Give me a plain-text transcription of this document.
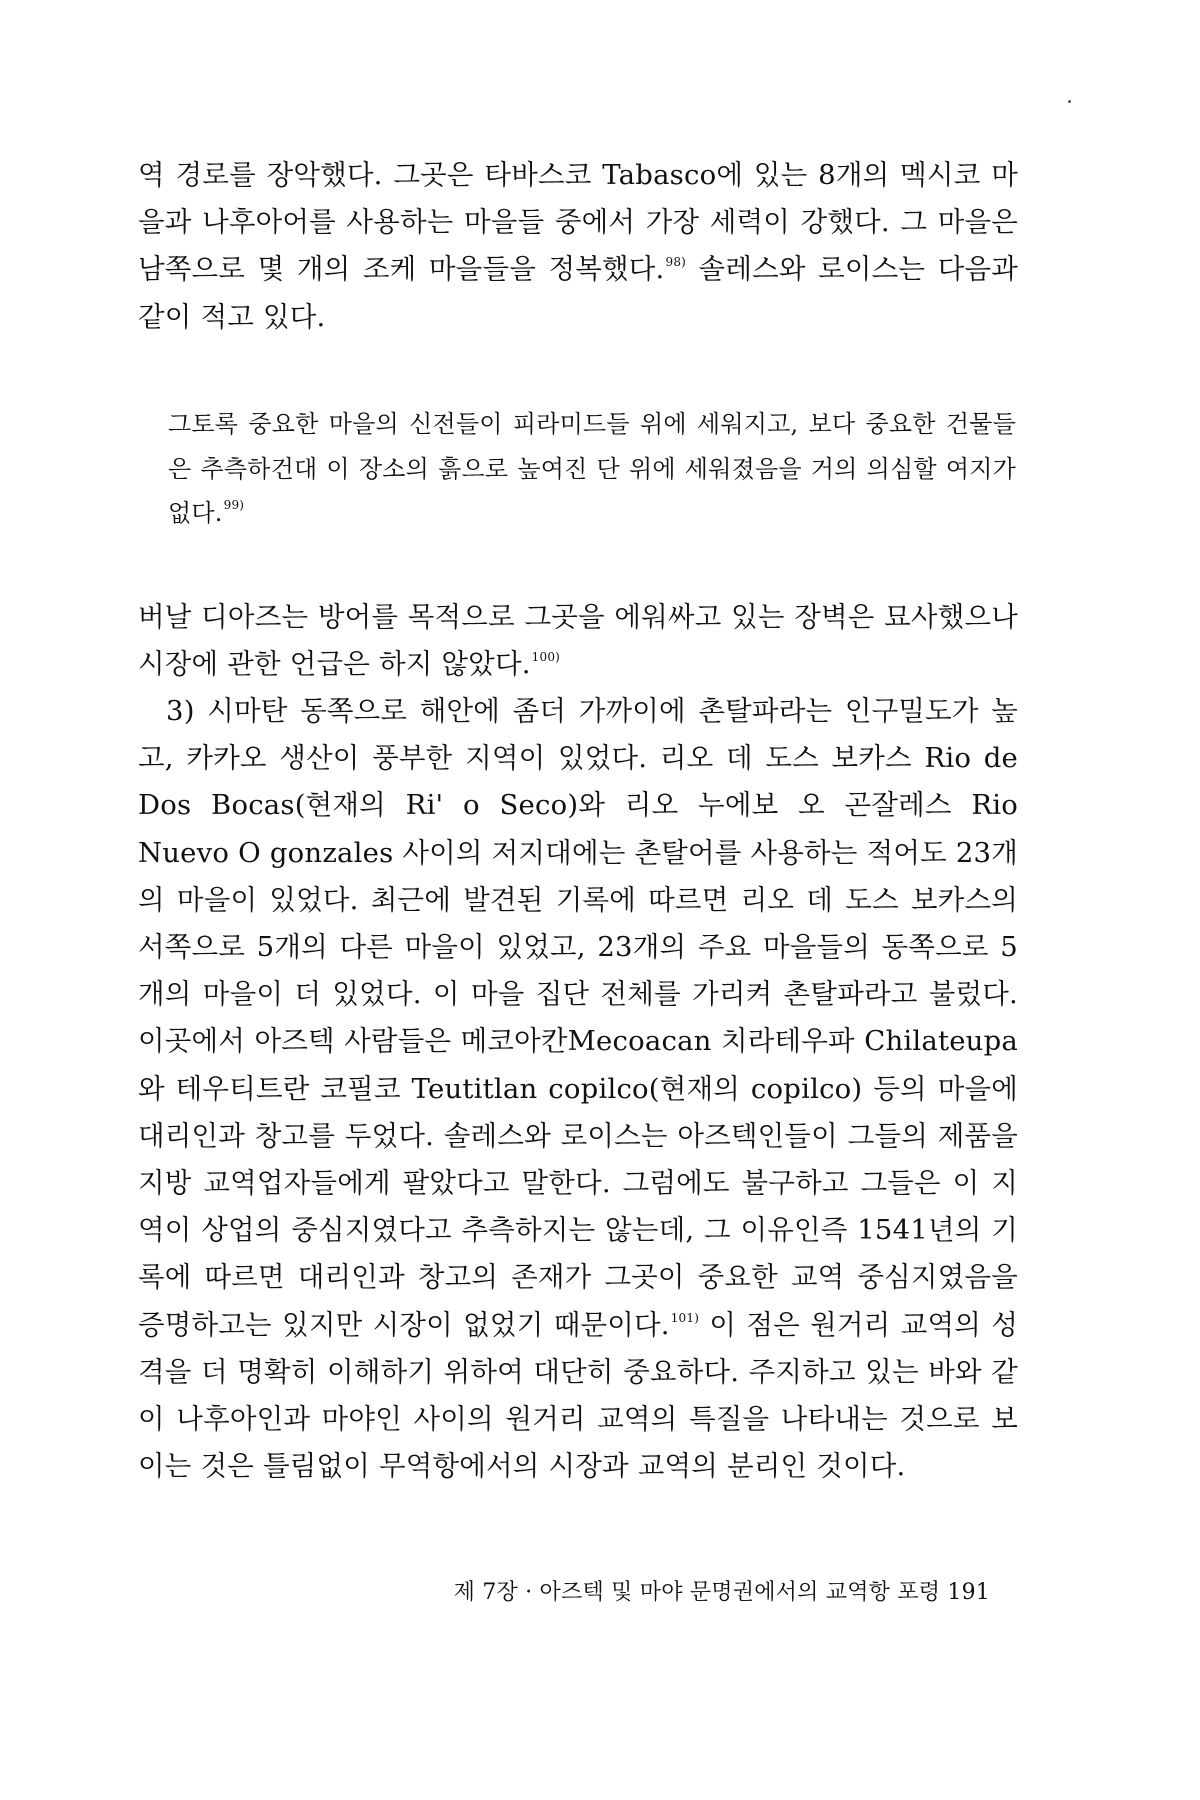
역 경로를 장악했다. 그곳은 타바스코 Tabasco에 있는 8개의 멕시코 마을과 나후아어를 사용하는 마을들 중에서 가장 세력이 강했다. 그 마을은 남쪽으로 몇 개의 조케 마을들을 정복했다.$^{98)}$ 솔레스와 로이스는 다음과 같이 적고 있다.

그토록 중요한 마을의 신전들이 피라미드들 위에 세워지고, 보다 중요한 건물들은 추측하건대 이 장소의 흙으로 높여진 단 위에 세워졌음을 거의 의심할 여지가 없다.$^{99)}$

버날 디아즈는 방어를 목적으로 그곳을 에워싸고 있는 장벽은 묘사했으나 시장에 관한 언급은 하지 않았다.$^{100)}$

3) 시마탄 동쪽으로 해안에 좀더 가까이에 촌탈파라는 인구밀도가 높고, 카카오 생산이 풍부한 지역이 있었다. 리오 데 도스 보카스 Rio de Dos Bocas(현재의 Ri' o Seco)와 리오 누에보 오 곤잘레스 Rio Nuevo O gonzales 사이의 저지대에는 촌탈어를 사용하는 적어도 23개의 마을이 있었다. 최근에 발견된 기록에 따르면 리오 데 도스 보카스의 서쪽으로 5개의 다른 마을이 있었고, 23개의 주요 마을들의 동쪽으로 5개의 마을이 더 있었다. 이 마을 집단 전체를 가리켜 촌탈파라고 불렀다. 이곳에서 아즈텍 사람들은 메코아칸Mecoacan 치라테우파 Chilateupa와 테우티트란 코필코 Teutitlan copilco(현재의 copilco) 등의 마을에 대리인과 창고를 두었다. 솔레스와 로이스는 아즈텍인들이 그들의 제품을 지방 교역업자들에게 팔았다고 말한다. 그럼에도 불구하고 그들은 이 지역이 상업의 중심지였다고 추측하지는 않는데, 그 이유인즉 1541년의 기록에 따르면 대리인과 창고의 존재가 그곳이 중요한 교역 중심지였음을 증명하고는 있지만 시장이 없었기 때문이다.$^{101)}$ 이 점은 원거리 교역의 성격을 더 명확히 이해하기 위하여 대단히 중요하다. 주지하고 있는 바와 같이 나후아인과 마야인 사이의 원거리 교역의 특질을 나타내는 것으로 보이는 것은 틀림없이 무역항에서의 시장과 교역의 분리인 것이다.

제 7장 · 아즈텍 및 마야 문명권에서의 교역항 포령 191
